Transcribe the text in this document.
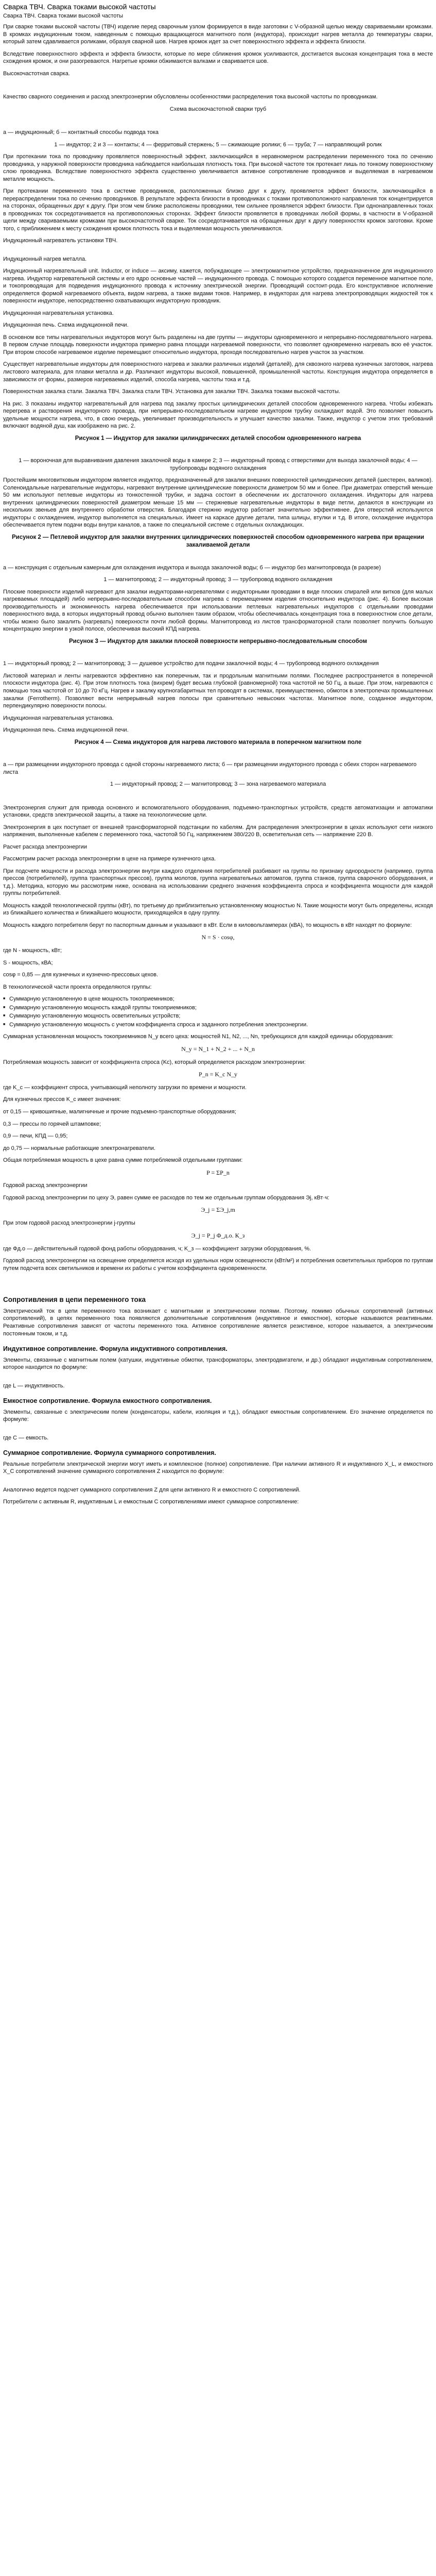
Сварка ТВЧ. Сварка токами высокой частоты

Сварка ТВЧ. Сварка токами высокой частоты

При сварке токами высокой частоты (ТВЧ) изделие перед сварочным узлом формируется в виде заготовки с V-образной щелью между свариваемыми кромками. В кромках индукционным током, наведенным с помощью вращающегося магнитного поля (индуктора), происходит нагрев металла до температуры сварки, который затем сдавливается роликами, образуя сварной шов. Нагрев кромок идет за счет поверхностного эффекта и эффекта близости.

Вследствие поверхностного эффекта и эффекта близости, которые по мере сближения кромок усиливаются, достигается высокая концентрация тока в месте схождения кромок, и они разогреваются. Нагретые кромки обжимаются валками и сваривается шов.

Высокочастотная сварка.

Качество сварного соединения и расход электроэнергии обусловлены особенностями распределения тока высокой частоты по проводникам.

Схема высокочастотной сварки труб

а — индукционный; б — контактный способы подвода тока

1 — индуктор; 2 и 3 — контакты; 4 — ферритовый стержень; 5 — сжимающие ролики; 6 — труба; 7 — направляющий ролик

При протекании тока по проводнику проявляется поверхностный эффект, заключающийся в неравномерном распределении переменного тока по сечению проводника, у наружной поверхности проводника наблюдается наибольшая плотность тока. При высокой частоте ток протекает лишь по тонкому поверхностному слою проводника. Вследствие поверхностного эффекта существенно увеличивается активное сопротивление проводников и выделяемая в нагреваемом металле мощность.

При протекании переменного тока в системе проводников, расположенных близко друг к другу, проявляется эффект близости, заключающийся в перераспределении тока по сечению проводников. В результате эффекта близости в проводниках с токами противоположного направления ток концентрируется на сторонах, обращенных друг к другу. При этом чем ближе расположены проводники, тем сильнее проявляется эффект близости. При однонаправленных токах в проводниках ток сосредотачивается на противоположных сторонах. Эффект близости проявляется в проводниках любой формы, в частности в V-образной щели между свариваемыми кромками при высокочастотной сварке. Ток сосредотачивается на обращенных друг к другу поверхностях кромок заготовки. Кроме того, с приближением к месту схождения кромок плотность тока и выделяемая мощность увеличиваются.

Индукционный нагреватель установки ТВЧ.

Индукционный нагрев металла.

Индукционный нагревательный unit. Inductor, or induce — аксиму, кажется, побуждающее — электромагнитное устройство, предназначенное для индукционного нагрева. Индуктор нагревательной системы и его ядро основные частей — индукционного провода. С помощью которого создается переменное магнитное поле, и токопроводящая для подведения индукционного провода к источнику электрической энергии. Проводящий состоит-рода. Его конструктивное исполнение определяется формой нагреваемого объекта, видом нагрева, а также видами токов. Например, в индукторах для нагрева электропроводящих жидкостей ток к поверхности индукторе, непосредственно охватывающих индукторную проводник.

Индукционная нагревательная установка.

Индукционная печь. Схема индукционной печи.

В основном все типы нагревательных индукторов могут быть разделены на две группы — индукторы одновременного и непрерывно-последовательного нагрева. В первом случае площадь поверхности индуктора примерно равна площади нагреваемой поверхности, что позволяет одновременно нагревать всю её участок. При втором способе нагреваемое изделие перемещают относительно индуктора, проходя последовательно нагрев участок за участком.

Существует нагревательные индукторы для поверхностного нагрева и закалки различных изделий (деталей), для сквозного нагрева кузнечных заготовок, нагрева листового материала, для плавки металла и др. Различают индукторы высокой, повышенной, промышленной частоты. Конструкция индуктора определяется в зависимости от формы, размеров нагреваемых изделий, способа нагрева, частоты тока и т.д.

Поверхностная закалка стали. Закалка ТВЧ. Закалка стали ТВЧ. Установка для закалки ТВЧ. Закалка токами высокой частоты.

На рис. 3 показаны индуктор нагревательный для нагрева под закалку простых цилиндрических деталей способом одновременного нагрева. Чтобы избежать перегрева и растворения индукторного провода, при непрерывно-последовательном нагреве индуктором трубку охлаждают водой. Это позволяет повысить удельные мощности нагрева, что, в свою очередь, увеличивает производительность и улучшает качество закалки. Также, индуктор с учетом этих требований включают водяной душ, как изображено на рис. 2.

Рисунок 1 — Индуктор для закалки цилиндрических деталей способом одновременного нагрева

1 — вороночная для выравнивания давления закалочной воды в камере 2; 3 — индукторный провод с отверстиями для выхода закалочной воды; 4 — трубопроводы водяного охлаждения

Простейшим многовитковым индуктором является индуктор, предназначенный для закалки внешних поверхностей цилиндрических деталей (шестерен, валиков). Соленоидальные нагревательные индукторы, нагревают внутренние цилиндрические поверхности диаметром 50 мм и более. При диаметрах отверстий меньше 50 мм используют петлевые индукторы из тонкостенной трубки, и задача состоит в обеспечении их достаточного охлаждения. Индукторы для нагрева внутренних цилиндрических поверхностей диаметром меньше 15 мм — стержневые нагревательные индукторы в виде петли, делаются в конструкции из нескольких звеньев для внутреннего обработки отверстия. Благодаря стержню индуктор работает значительно эффективнее. Для отверстий используются индукторы с охлаждением, индуктор выполняется на специальных. Имеет на каркасе другие детали, типа шлицы, втулки и т.д. В итоге, охлаждение индуктора обеспечивается путем подачи воды внутри каналов, а также по специальной системе с отдельных охлаждающих.

Рисунок 2 — Петлевой индуктор для закалки внутренних цилиндрических поверхностей способом одновременного нагрева при вращении закаливаемой детали

а — конструкция с отдельным камерным для охлаждения индуктора и выхода закалочной воды; б — индуктор без магнитопровода (в разрезе)

1 — магнитопровод; 2 — индукторный провод; 3 — трубопровод водяного охлаждения

Плоские поверхности изделий нагревают для закалки индукторами-нагревателями с индукторными проводами в виде плоских спиралей или витков (для малых нагреваемых площадей) либо непрерывно-последовательным способом нагрева с перемещением изделия относительно индуктора (рис. 4). Более высокая производительность и экономичность нагрева обеспечивается при использовании петлевых нагревательных индукторов с отдельными проводами поверхностного вида, в которых индукторный провод обычно выполнен таким образом, чтобы обеспечивалась концентрация тока в поверхностном слое детали, чтобы можно было закалить (нагревать) поверхности почти любой формы. Магнитопровод из листов трансформаторной стали позволяет получить большую концентрацию энергии в узкой полосе, обеспечивая высокий КПД нагрева.

Рисунок 3 — Индуктор для закалки плоской поверхности непрерывно-последовательным способом

1 — индукторный провод; 2 — магнитопровод; 3 — душевое устройство для подачи закалочной воды; 4 — трубопровод водяного охлаждения

Листовой материал и ленты нагреваются эффективно как поперечным, так и продольным магнитными полями. Последнее распространяется в поперечной плоскости индуктора (рис. 4). При этом плотность тока (вихрем) будет весьма глубокой (равномерной) тока частотой не 50 Гц, а выше. При этом, нагреваются с помощью тока частотой от 10 до 70 кГц. Нагрев и закалку крупногабаритных тел проводят в системах, преимущественно, обмоток в электропечах промышленных закалки (Ferrotherm). Позволяют вести непрерывный нагрев полосы при сравнительно невысоких частотах. Магнитное поле, созданное индуктором, перпендикулярно поверхности полосы.

Индукционная нагревательная установка.

Индукционная печь. Схема индукционной печи.

Рисунок 4 — Схема индукторов для нагрева листового материала в поперечном магнитном поле

а — при размещении индукторного провода с одной стороны нагреваемого листа; б — при размещении индукторного провода с обеих сторон нагреваемого листа

1 — индукторный провод; 2 — магнитопровод; 3 — зона нагреваемого материала

Электроэнергия служит для привода основного и вспомогательного оборудования, подъемно-транспортных устройств, средств автоматизации и автоматики установки, средств электрической защиты, а также на технологические цели.

Электроэнергия в цех поступает от внешней трансформаторной подстанции по кабелям. Для распределения электроэнергии в цехах используют сети низкого напряжения, выполненные кабелем с переменного тока, частотой 50 Гц, напряжением 380/220 В, осветительная сеть — напряжение 220 В.

Расчет расхода электроэнергии

Рассмотрим расчет расхода электроэнергии в цехе на примере кузнечного цеха.

При подсчете мощности и расхода электроэнергии внутри каждого отделения потребителей разбивают на группы по признаку однородности (например, группа прессов (потребителей), группа транспортных прессов), группа молотов, группа нагревательных автоматов, группа станков, группа сварочного оборудования, и т.д.). Методика, которую мы рассмотрим ниже, основана на использовании среднего значения коэффициента спроса и коэффициента мощности для каждой группы потребителей.

Мощность каждой технологической группы (кВт), по третьему до приблизительно установленному мощностью N. Такие мощности могут быть определены, исходя из ближайшего количества и ближайшего мощности, приходящейся в одну группу.

Мощность каждого потребителя берут по паспортным данным и указывают в кВт. Если в киловольтамперах (кВА), то мощность в кВт находят по формуле:

N = S · cosφ,

где N - мощность, кВт;

S - мощность, кВА;

cosφ = 0,85 — для кузнечных и кузнечно-прессовых цехов.

В технологической части проекта определяются группы:

■ Суммарную установленную в цехе мощность токоприемников;
■ Суммарную установленную мощность каждой группы токоприемников;
■ Суммарную установленную мощность осветительных устройств;
■ Суммарную установленную мощность с учетом коэффициента спроса и заданного потребления электроэнергии.

Суммарная установленная мощность токоприемников N_у всего цеха: мощностей N1, N2, ..., Nn, требующихся для каждой единицы оборудования:

N_у = N_1 + N_2 + ... + N_n

Потребляемая мощность зависит от коэффициента спроса (Kс), который определяется расходом электроэнергии:

P_n = K_с N_у

где K_с — коэффициент спроса, учитывающий неполноту загрузки по времени и мощности.

Для кузнечных прессов K_с имеет значения:

от 0,15 — кривошипные, малигничные и прочие подъемно-транспортные оборудования;

0,3 — прессы по горячей штамповке;

0,9 — печи, КПД — 0,95;

до 0,75 — нормальные работающие электронагреватели.

Общая потребляемая мощность в цехе равна сумме потребляемой отдельными группами:

P = ΣP_n

Годовой расход электроэнергии

Годовой расход электроэнергии по цеху Э, равен сумме ее расходов по тем же отдельным группам оборудования Эj, кВт·ч:

Э_j = ΣЭ_j,m

При этом годовой расход электроэнергии j-группы

Э_j = P_j Φ_д.о. К_з

где Фд.о — действительный годовой фонд работы оборудования, ч; K_з — коэффициент загрузки оборудования, %.

Годовой расход электроэнергии на освещение определяется исходя из удельных норм освещенности (кВт/м²) и потребления осветительных приборов по группам путем подсчета всех светильников и времени их работы с учетом коэффициента одновременности.

Сопротивления в цепи переменного тока

Электрический ток в цепи переменного тока возникает с магнитными и электрическими полями. Поэтому, помимо обычных сопротивлений (активных сопротивлений), в цепях переменного тока появляются дополнительные сопротивления (индуктивное и емкостное), которые называются реактивными. Реактивные сопротивления зависят от частоты переменного тока. Активное сопротивление является резистивное, которое называется, а электрическим постоянным током, и т.д.

Индуктивное сопротивление. Формула индуктивного сопротивления.

Элементы, связанные с магнитным полем (катушки, индуктивные обмотки, трансформаторы, электродвигатели, и др.) обладают индуктивным сопротивлением, которое находится по формуле:

где L — индуктивность.

Емкостное сопротивление. Формула емкостного сопротивления.

Элементы, связанные с электрическим полем (конденсаторы, кабели, изоляция и т.д.), обладают емкостным сопротивлением. Его значение определяется по формуле:

где С — емкость.

Суммарное сопротивление. Формула суммарного сопротивления.

Реальные потребители электрической энергии могут иметь и комплексное (полное) сопротивление. При наличии активного R и индуктивного X_L, и емкостного X_C сопротивлений значение суммарного сопротивления Z находится по формуле:

Аналогично ведется подсчет суммарного сопротивления Z для цепи активного R и емкостного С сопротивлений.

Потребители с активным R, индуктивным L и емкостным С сопротивлениями имеют суммарное сопротивление:
